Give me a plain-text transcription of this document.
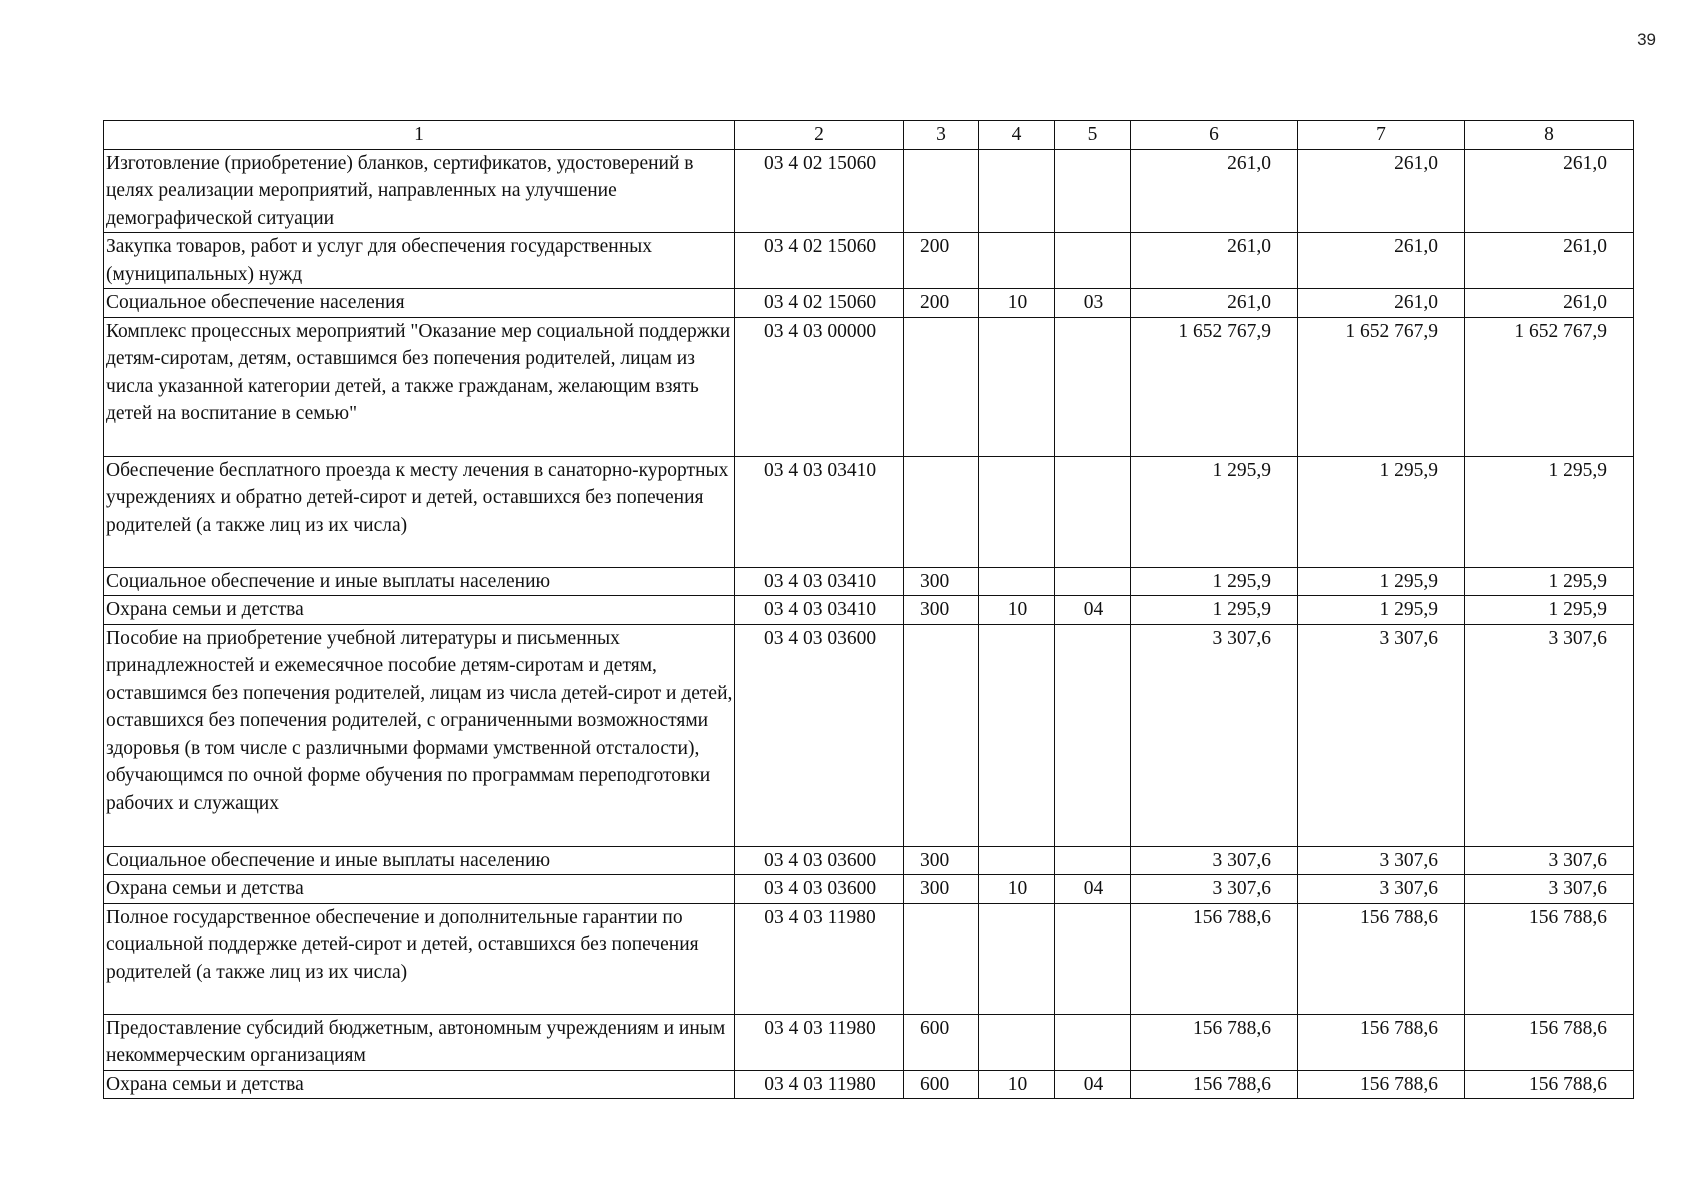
39
1	2	3	4	5	6	7	8
Изготовление (приобретение) бланков, сертификатов, удостоверений в целях реализации мероприятий, направленных на улучшение демографической ситуации	03 4 02 15060				261,0	261,0	261,0
Закупка товаров, работ и услуг для обеспечения государственных (муниципальных) нужд	03 4 02 15060	200			261,0	261,0	261,0
Социальное обеспечение населения	03 4 02 15060	200	10	03	261,0	261,0	261,0
Комплекс процессных мероприятий "Оказание мер социальной поддержки детям-сиротам, детям, оставшимся без попечения родителей, лицам из числа указанной категории детей, а также гражданам, желающим взять детей на воспитание в семью"	03 4 03 00000				1 652 767,9	1 652 767,9	1 652 767,9
Обеспечение бесплатного проезда к месту лечения в санаторно-курортных учреждениях и обратно детей-сирот и детей, оставшихся без попечения родителей (а также лиц из их числа)	03 4 03 03410				1 295,9	1 295,9	1 295,9
Социальное обеспечение и иные выплаты населению	03 4 03 03410	300			1 295,9	1 295,9	1 295,9
Охрана семьи и детства	03 4 03 03410	300	10	04	1 295,9	1 295,9	1 295,9
Пособие на приобретение учебной литературы и письменных принадлежностей и ежемесячное пособие детям-сиротам и детям, оставшимся без попечения родителей, лицам из числа детей-сирот и детей, оставшихся без попечения родителей, с ограниченными возможностями здоровья (в том числе с различными формами умственной отсталости), обучающимся по очной форме обучения по программам переподготовки рабочих и служащих	03 4 03 03600				3 307,6	3 307,6	3 307,6
Социальное обеспечение и иные выплаты населению	03 4 03 03600	300			3 307,6	3 307,6	3 307,6
Охрана семьи и детства	03 4 03 03600	300	10	04	3 307,6	3 307,6	3 307,6
Полное государственное обеспечение и дополнительные гарантии по социальной поддержке детей-сирот и детей, оставшихся без попечения родителей (а также лиц из их числа)	03 4 03 11980				156 788,6	156 788,6	156 788,6
Предоставление субсидий бюджетным, автономным учреждениям и иным некоммерческим организациям	03 4 03 11980	600			156 788,6	156 788,6	156 788,6
Охрана семьи и детства	03 4 03 11980	600	10	04	156 788,6	156 788,6	156 788,6
